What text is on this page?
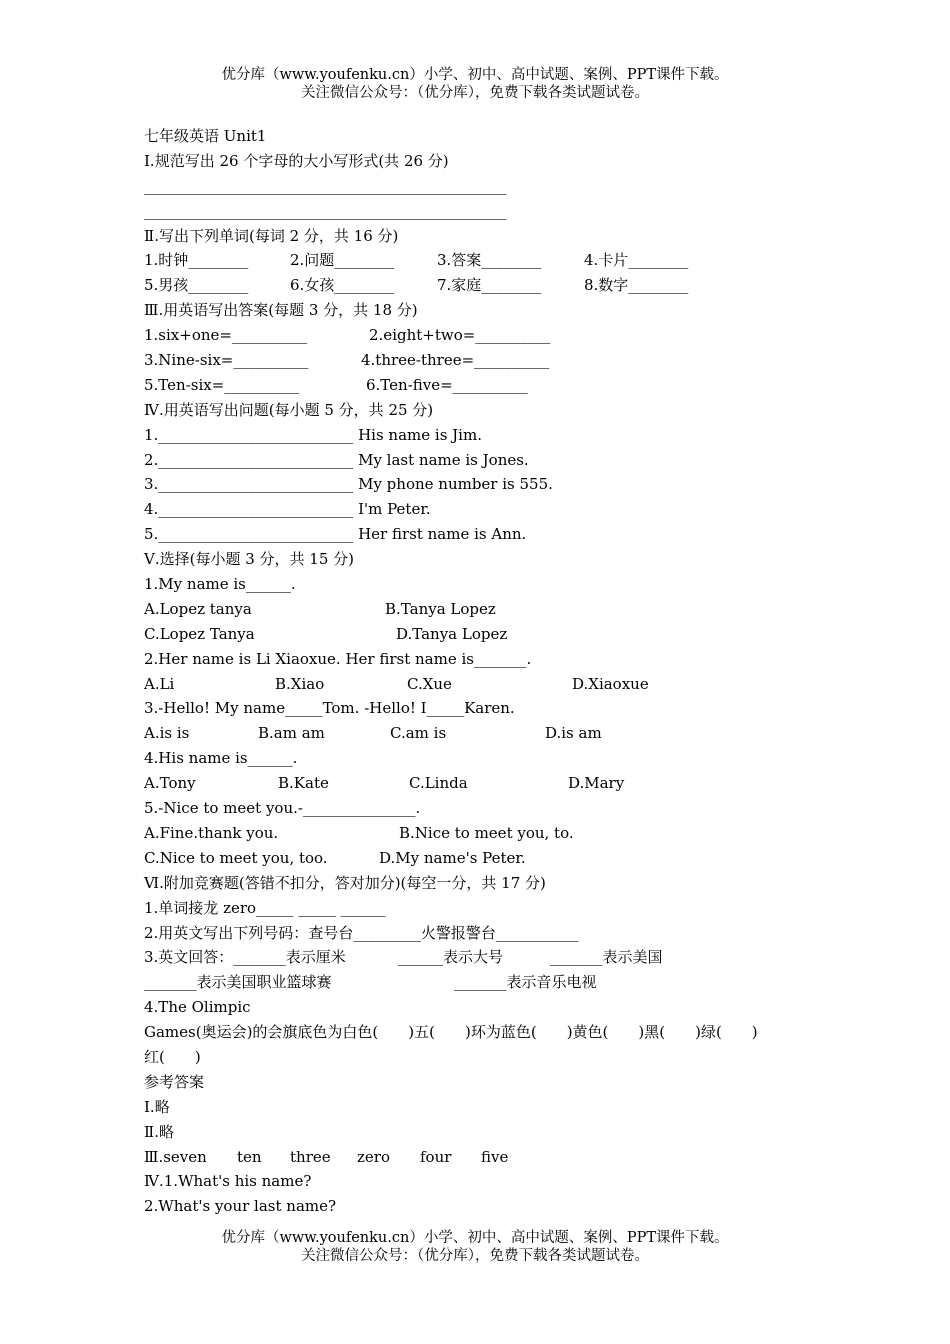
优分库（www.youfenku.cn）小学、初中、高中试题、案例、PPT课件下载。
关注微信公众号：（优分库），免费下载各类试题试卷。
七年级英语 Unit1
Ⅰ.规范写出 26 个字母的大小写形式(共 26 分)
___________________________________________________
___________________________________________________
Ⅱ.写出下列单词(每词 2 分，共 16 分)
1.时钟________	2.问题________	3.答案________	4.卡片________
5.男孩________	6.女孩________	7.家庭________	8.数字________
Ⅲ.用英语写出答案(每题 3 分，共 18 分)
1.six+one=__________	2.eight+two=__________
3.Nine-six=__________	4.three-three=__________
5.Ten-six=__________	6.Ten-five=__________
Ⅳ.用英语写出问题(每小题 5 分，共 25 分)
1.__________________________ His name is Jim.
2.__________________________ My last name is Jones.
3.__________________________ My phone number is 555.
4.__________________________ I'm Peter.
5.__________________________ Her first name is Ann.
Ⅴ.选择(每小题 3 分，共 15 分)
1.My name is______.
A.Lopez tanya	B.Tanya Lopez
C.Lopez Tanya	D.Tanya Lopez
2.Her name is Li Xiaoxue. Her first name is_______.
A.Li	B.Xiao	C.Xue	D.Xiaoxue
3.-Hello! My name_____Tom. -Hello! I_____Karen.
A.is is	B.am am	C.am is	D.is am
4.His name is______.
A.Tony	B.Kate	C.Linda	D.Mary
5.-Nice to meet you.-_______________.
A.Fine.thank you.	B.Nice to meet you, to.
C.Nice to meet you, too.	D.My name's Peter.
Ⅵ.附加竞赛题(答错不扣分，答对加分)(每空一分，共 17 分)
1.单词接龙 zero_____ _____ ______
2.用英文写出下列号码：查号台_________火警报警台___________
3.英文回答：_______表示厘米	______表示大号	_______表示美国
_______表示美国职业篮球赛	_______表示音乐电视
4.The Olimpic
Games(奥运会)的会旗底色为白色(　　)五(　　)环为蓝色(　　)黄色(　　)黑(　　)绿(　　)
红(　　)
参考答案
Ⅰ.略
Ⅱ.略
Ⅲ.seven ten three zero four five
Ⅳ.1.What's his name?
2.What's your last name?
优分库（www.youfenku.cn）小学、初中、高中试题、案例、PPT课件下载。
关注微信公众号：（优分库），免费下载各类试题试卷。
